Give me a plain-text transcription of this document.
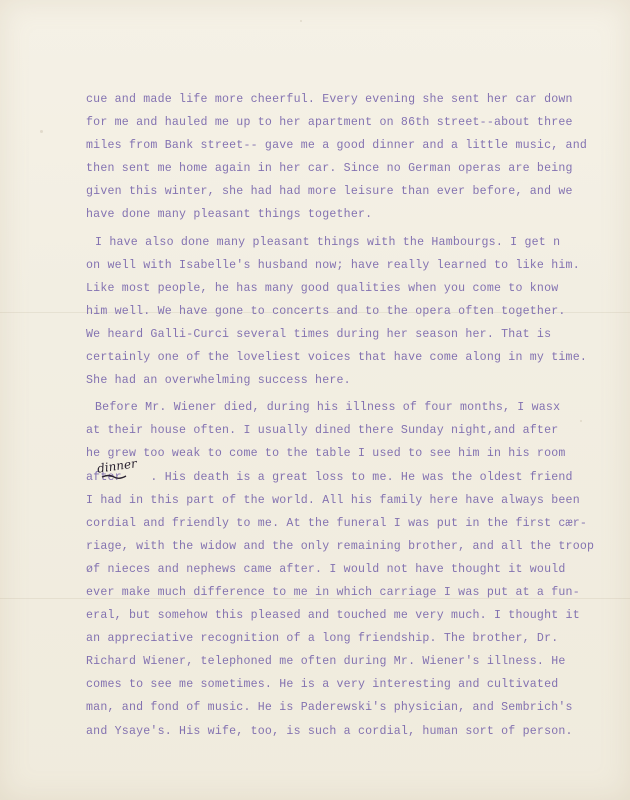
cue and made life more cheerful. Every evening she sent her car down
for me and hauled me up to her apartment on 86th street--about three
miles from Bank street-- gave me a good dinner and a little music, and
then sent me home again in her car. Since no German operas are being
given this winter, she had had more leisure than ever before, and we
have done many pleasant things together.
I have also done many pleasant things with the Hambourgs. I get n
on well with Isabelle's husband now; have really learned to like him.
Like most people, he has many good qualities when you come to know
him well. We have gone to concerts and to the opera often together.
We heard Galli-Curci several times during her season her. That is
certainly one of the loveliest voices that have come along in my time.
She had an overwhelming success here.
Before Mr. Wiener died, during his illness of four months, I wasx
at their house often. I usually dined there Sunday night,and after
he grew too weak to come to the table I used to see him in his room
after    . His death is a great loss to me. He was the oldest friend
I had in this part of the world. All his family here have always been
cordial and friendly to me. At the funeral I was put in the first cær-
riage, with the widow and the only remaining brother, and all the troop
øf nieces and nephews came after. I would not have thought it would
ever make much difference to me in which carriage I was put at a fun-
eral, but somehow this pleased and touched me very much. I thought it
an appreciative recognition of a long friendship. The brother, Dr.
Richard Wiener, telephoned me often during Mr. Wiener's illness. He
comes to see me sometimes. He is a very interesting and cultivated
man, and fond of music. He is Paderewski's physician, and Sembrich's
and Ysaye's. His wife, too, is such a cordial, human sort of person.
dinner
